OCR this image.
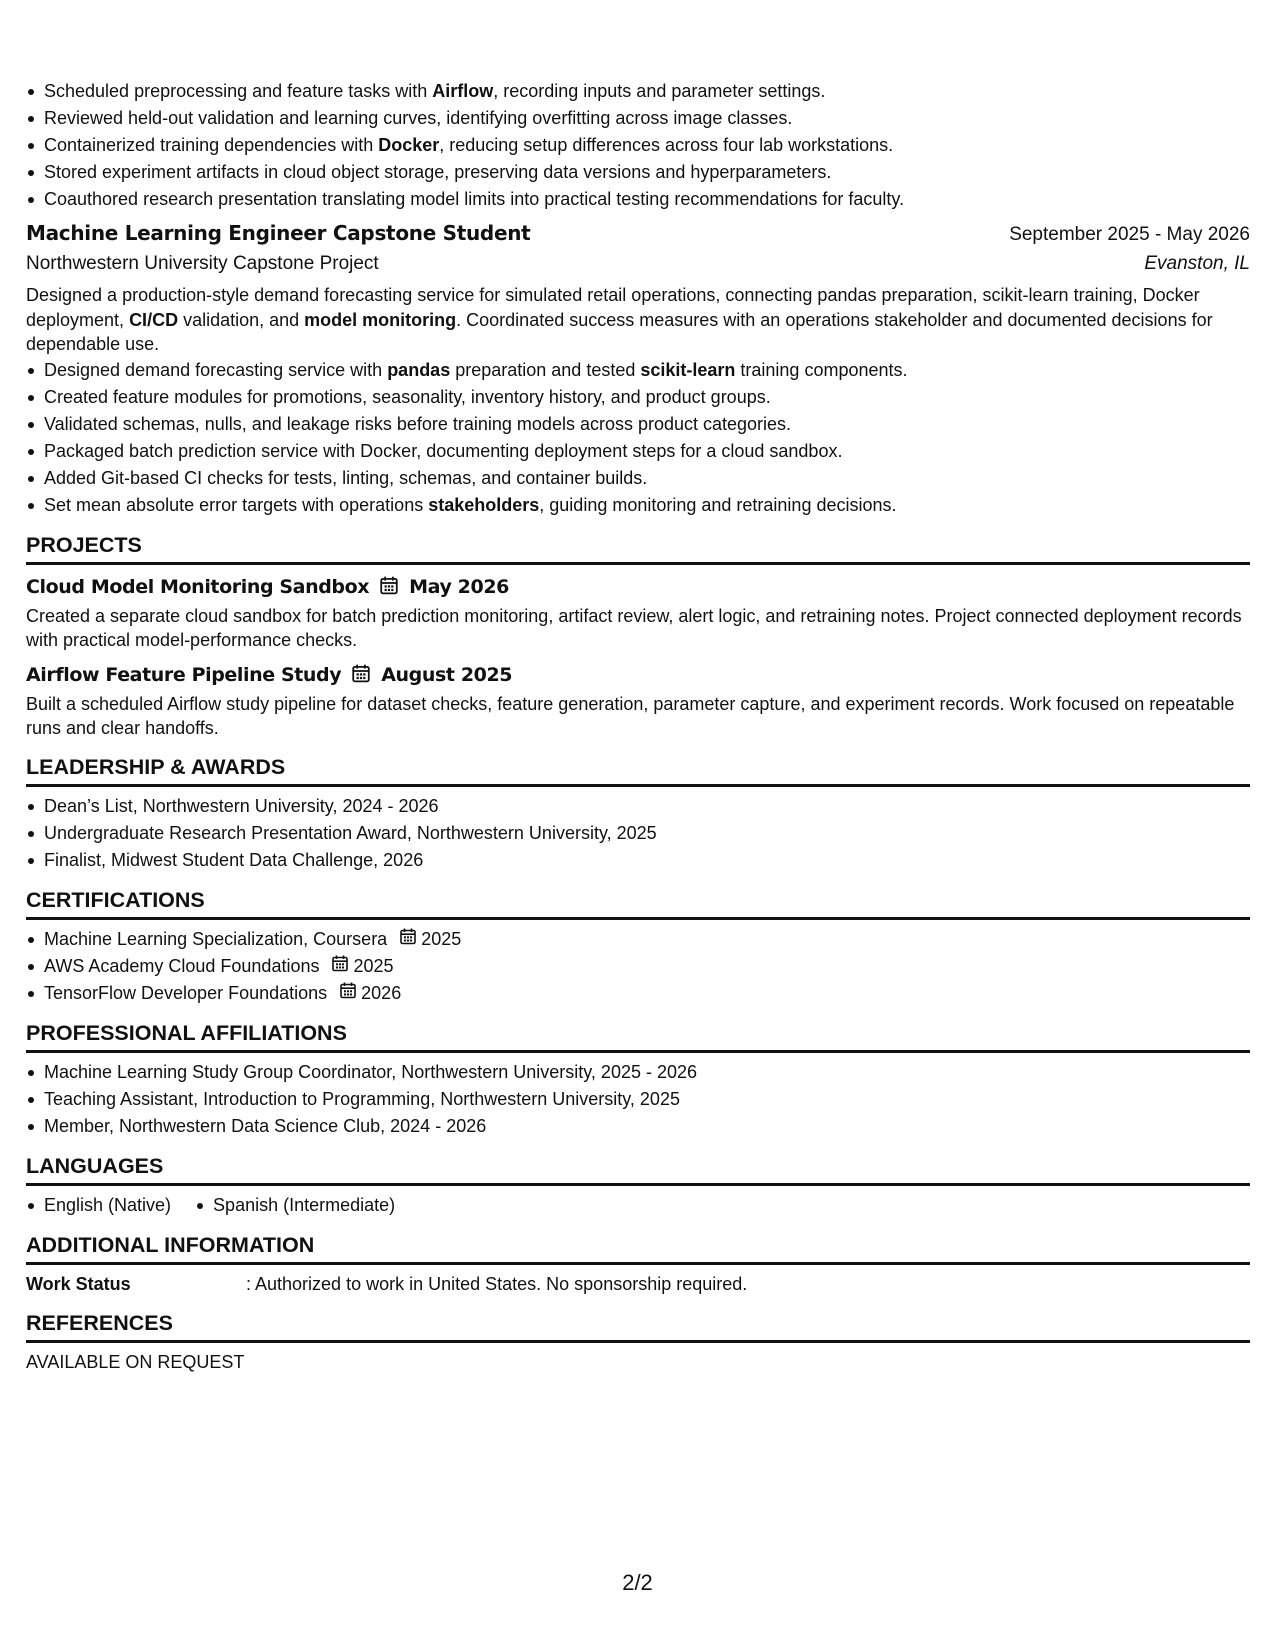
Scheduled preprocessing and feature tasks with Airflow, recording inputs and parameter settings.
Reviewed held-out validation and learning curves, identifying overfitting across image classes.
Containerized training dependencies with Docker, reducing setup differences across four lab workstations.
Stored experiment artifacts in cloud object storage, preserving data versions and hyperparameters.
Coauthored research presentation translating model limits into practical testing recommendations for faculty.
Machine Learning Engineer Capstone Student	September 2025 - May 2026
Northwestern University Capstone Project	Evanston, IL

Designed a production-style demand forecasting service for simulated retail operations, connecting pandas preparation, scikit-learn training, Docker deployment, CI/CD validation, and model monitoring. Coordinated success measures with an operations stakeholder and documented decisions for dependable use.

Designed demand forecasting service with pandas preparation and tested scikit-learn training components.
Created feature modules for promotions, seasonality, inventory history, and product groups.
Validated schemas, nulls, and leakage risks before training models across product categories.
Packaged batch prediction service with Docker, documenting deployment steps for a cloud sandbox.
Added Git-based CI checks for tests, linting, schemas, and container builds.
Set mean absolute error targets with operations stakeholders, guiding monitoring and retraining decisions.
PROJECTS
Cloud Model Monitoring Sandbox May 2026

Created a separate cloud sandbox for batch prediction monitoring, artifact review, alert logic, and retraining notes. Project connected deployment records with practical model-performance checks.

Airflow Feature Pipeline Study August 2025

Built a scheduled Airflow study pipeline for dataset checks, feature generation, parameter capture, and experiment records. Work focused on repeatable runs and clear handoffs.

LEADERSHIP & AWARDS
Dean’s List, Northwestern University, 2024 - 2026
Undergraduate Research Presentation Award, Northwestern University, 2025
Finalist, Midwest Student Data Challenge, 2026
CERTIFICATIONS
Machine Learning Specialization, Coursera 2025
AWS Academy Cloud Foundations 2025
TensorFlow Developer Foundations 2026
PROFESSIONAL AFFILIATIONS
Machine Learning Study Group Coordinator, Northwestern University, 2025 - 2026
Teaching Assistant, Introduction to Programming, Northwestern University, 2025
Member, Northwestern Data Science Club, 2024 - 2026
LANGUAGES
English (Native)	Spanish (Intermediate)
ADDITIONAL INFORMATION
Work Status	: Authorized to work in United States. No sponsorship required.
REFERENCES
AVAILABLE ON REQUEST
2/2
